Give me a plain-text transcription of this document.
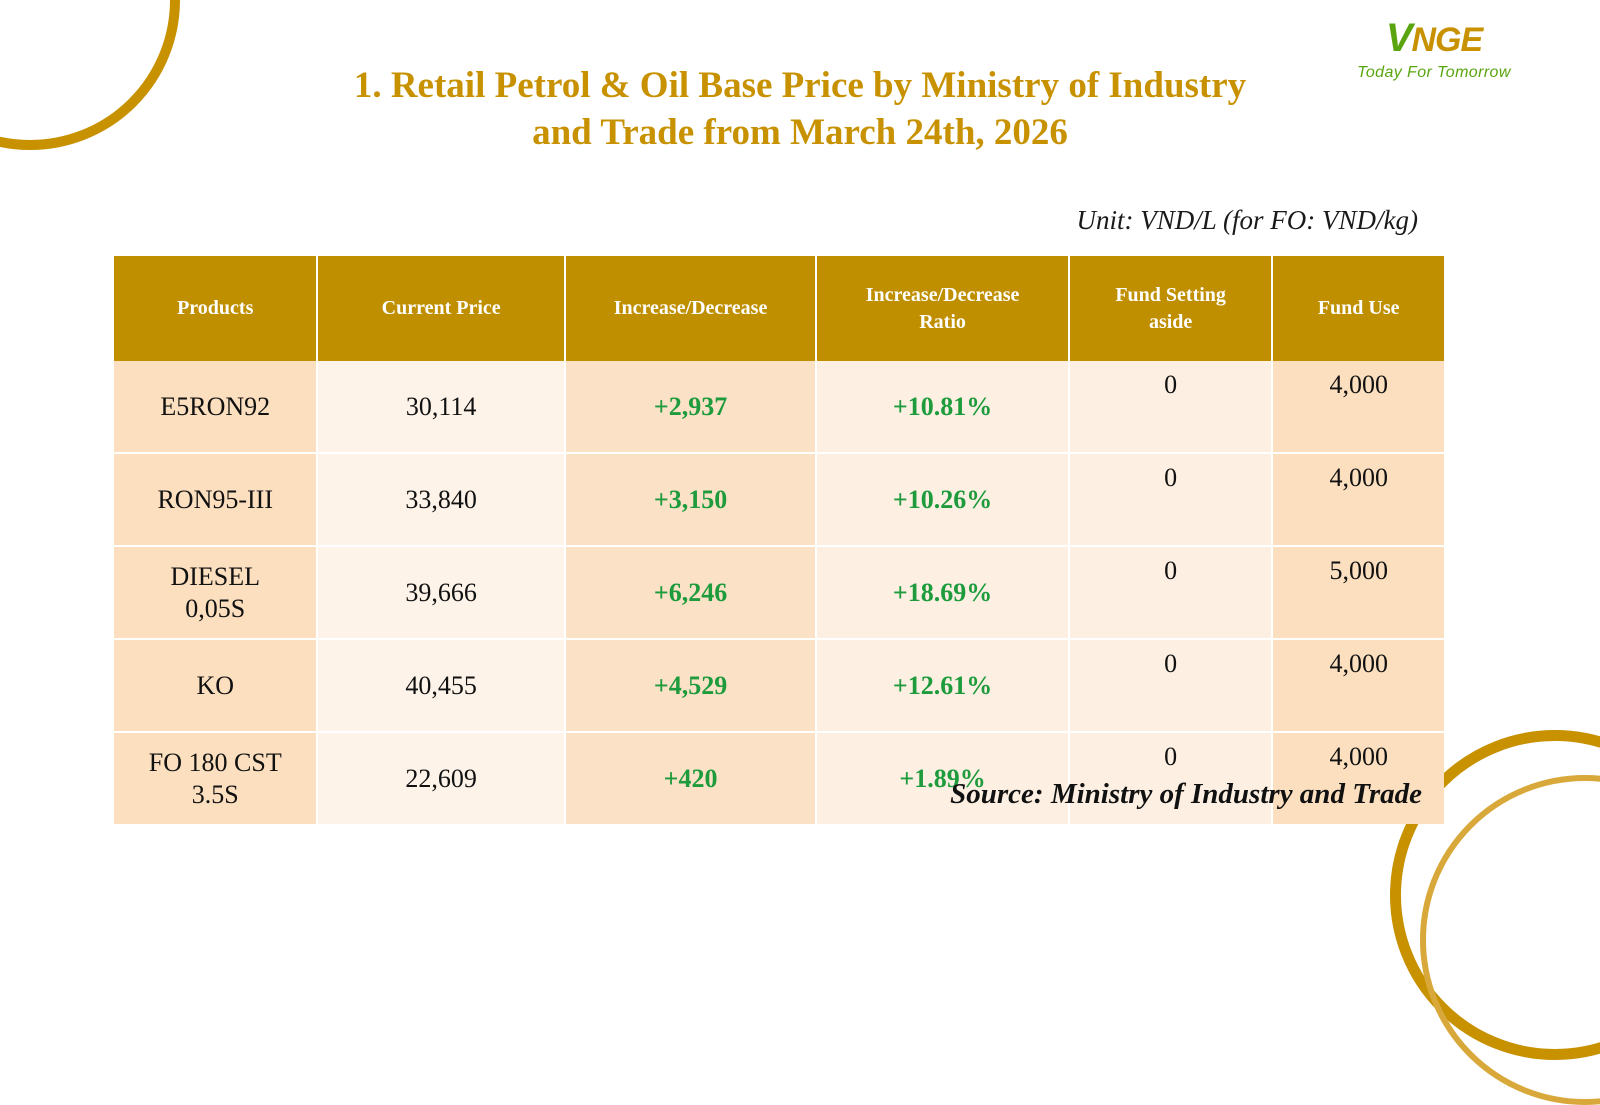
VNGE
Today For Tomorrow
1. Retail Petrol & Oil Base Price by Ministry of Industry
and Trade from March 24th, 2026
Unit: VND/L (for FO: VND/kg)
Products	Current Price	Increase/Decrease	Increase/Decrease
Ratio	Fund Setting
aside	Fund Use
E5RON92	30,114	+2,937	+10.81%	0	4,000
RON95-III	33,840	+3,150	+10.26%	0	4,000
DIESEL
0,05S	39,666	+6,246	+18.69%	0	5,000
KO	40,455	+4,529	+12.61%	0	4,000
FO 180 CST
3.5S	22,609	+420	+1.89%	0	4,000
Source: Ministry of Industry and Trade
